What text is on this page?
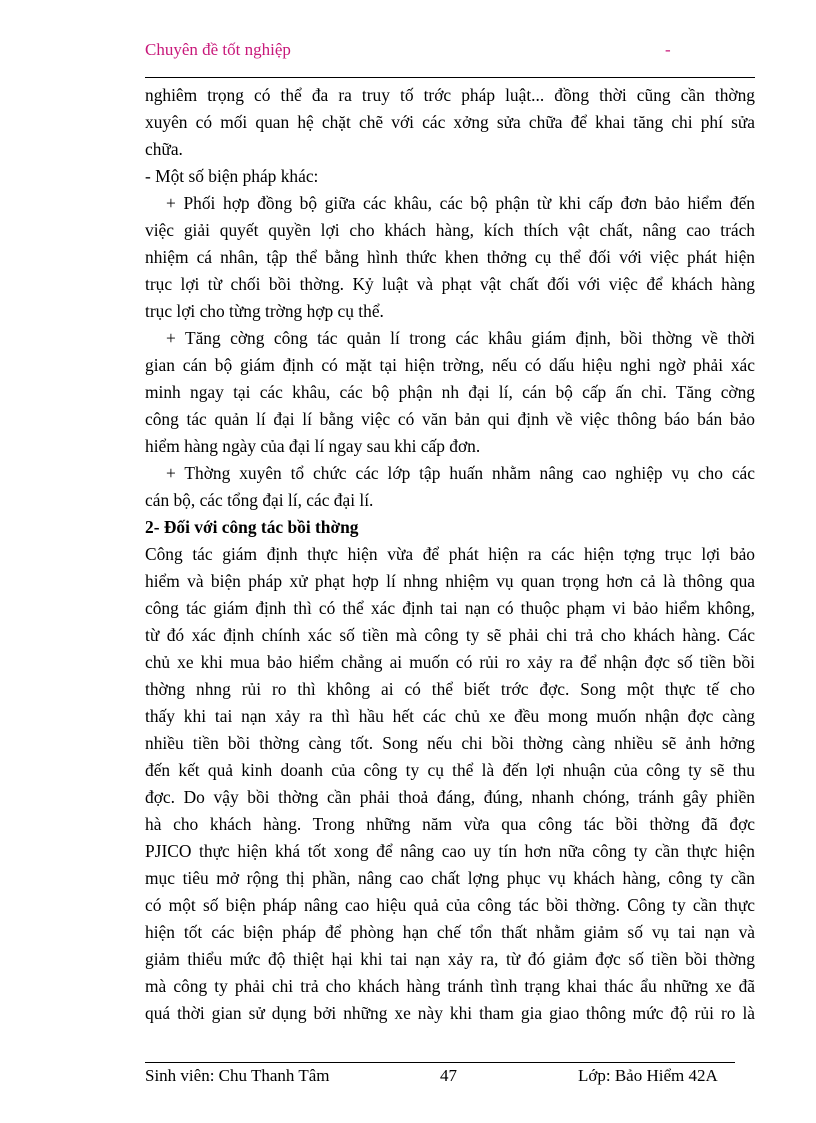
Chuyên đề tốt nghiệp	-
nghiêm trọng có thể đa ra truy tố trớc pháp luật... đồng thời cũng cần thờng
xuyên có mối quan hệ chặt chẽ với các xởng sửa chữa để khai tăng chi phí sửa
chữa.
- Một số biện pháp khác:
+ Phối hợp đồng bộ giữa các khâu, các bộ phận từ khi cấp đơn bảo hiểm đến
việc giải quyết quyền lợi cho khách hàng, kích thích vật chất, nâng cao trách
nhiệm cá nhân, tập thể bằng hình thức khen thởng cụ thể đối với việc phát hiện
trục lợi từ chối bồi thờng. Kỷ luật và phạt vật chất đối với việc để khách hàng
trục lợi cho từng trờng hợp cụ thể.
+ Tăng cờng công tác quản lí trong các khâu giám định, bồi thờng về thời
gian cán bộ giám định có mặt tại hiện trờng, nếu có dấu hiệu nghi ngờ phải xác
minh ngay tại các khâu, các bộ phận nh đại lí, cán bộ cấp ấn chỉ. Tăng cờng
công tác quản lí đại lí bằng việc có văn bản qui định về việc thông báo bán bảo
hiểm hàng ngày của đại lí ngay sau khi cấp đơn.
+ Thờng xuyên tổ chức các lớp tập huấn nhằm nâng cao nghiệp vụ cho các
cán bộ, các tổng đại lí, các đại lí.
2- Đối với công tác bồi thờng
Công tác giám định thực hiện vừa để phát hiện ra các hiện tợng trục lợi bảo
hiểm và biện pháp xử phạt hợp lí nhng nhiệm vụ quan trọng hơn cả là thông qua
công tác giám định thì có thể xác định tai nạn có thuộc phạm vi bảo hiểm không,
từ đó xác định chính xác số tiền mà công ty sẽ phải chi trả cho khách hàng. Các
chủ xe khi mua bảo hiểm chẳng ai muốn có rủi ro xảy ra để nhận đợc số tiền bồi
thờng nhng rủi ro thì không ai có thể biết trớc đợc. Song một thực tế cho
thấy khi tai nạn xảy ra thì hầu hết các chủ xe đều mong muốn nhận đợc càng
nhiều tiền bồi thờng càng tốt. Song nếu chi bồi thờng càng nhiều sẽ ảnh hởng
đến kết quả kinh doanh của công ty cụ thể là đến lợi nhuận của công ty sẽ thu
đợc. Do vậy bồi thờng cần phải thoả đáng, đúng, nhanh chóng, tránh gây phiền
hà cho khách hàng. Trong những năm vừa qua công tác bồi thờng đã đợc
PJICO thực hiện khá tốt xong để nâng cao uy tín hơn nữa công ty cần thực hiện
mục tiêu mở rộng thị phần, nâng cao chất lợng phục vụ khách hàng, công ty cần
có một số biện pháp nâng cao hiệu quả của công tác bồi thờng. Công ty cần thực
hiện tốt các biện pháp để phòng hạn chế tổn thất nhằm giảm số vụ tai nạn và
giảm thiểu mức độ thiệt hại khi tai nạn xảy ra, từ đó giảm đợc số tiền bồi thờng
mà công ty phải chi trả cho khách hàng tránh tình trạng khai thác ẩu những xe đã
quá thời gian sử dụng bởi những xe này khi tham gia giao thông mức độ rủi ro là
Sinh viên: Chu Thanh Tâm	47	Lớp: Bảo Hiểm 42A
